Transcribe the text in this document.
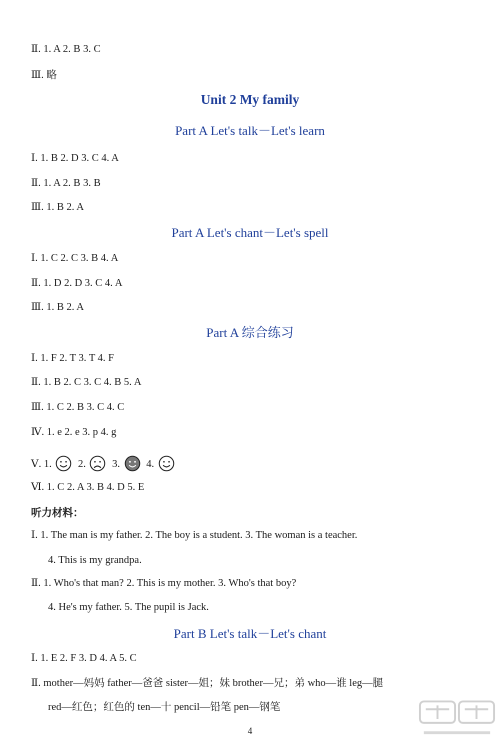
Ⅱ. 1. A 2. B 3. C
Ⅲ. 略
Unit 2 My family
Part A Let's talk－Let's learn
Ⅰ. 1. B 2. D 3. C 4. A
Ⅱ. 1. A 2. B 3. B
Ⅲ. 1. B 2. A
Part A Let's chant－Let's spell
Ⅰ. 1. C 2. C 3. B 4. A
Ⅱ. 1. D 2. D 3. C 4. A
Ⅲ. 1. B 2. A
Part A 综合练习
Ⅰ. 1. F 2. T 3. T 4. F
Ⅱ. 1. B 2. C 3. C 4. B 5. A
Ⅲ. 1. C 2. B 3. C 4. C
Ⅳ. 1. e 2. e 3. p 4. g
Ⅴ. 1.	2.	3.	4.
Ⅵ. 1. C 2. A 3. B 4. D 5. E
听力材料：
Ⅰ. 1. The man is my father. 2. The boy is a student. 3. The woman is a teacher.
4. This is my grandpa.
Ⅱ. 1. Who's that man? 2. This is my mother. 3. Who's that boy?
4. He's my father. 5. The pupil is Jack.
Part B Let's talk－Let's chant
Ⅰ. 1. E 2. F 3. D 4. A 5. C
Ⅱ. mother—妈妈 father—爸爸 sister—姐；妹 brother—兄；弟 who—谁 leg—腿
red—红色；红色的 ten—十 pencil—铅笔 pen—钢笔
4
